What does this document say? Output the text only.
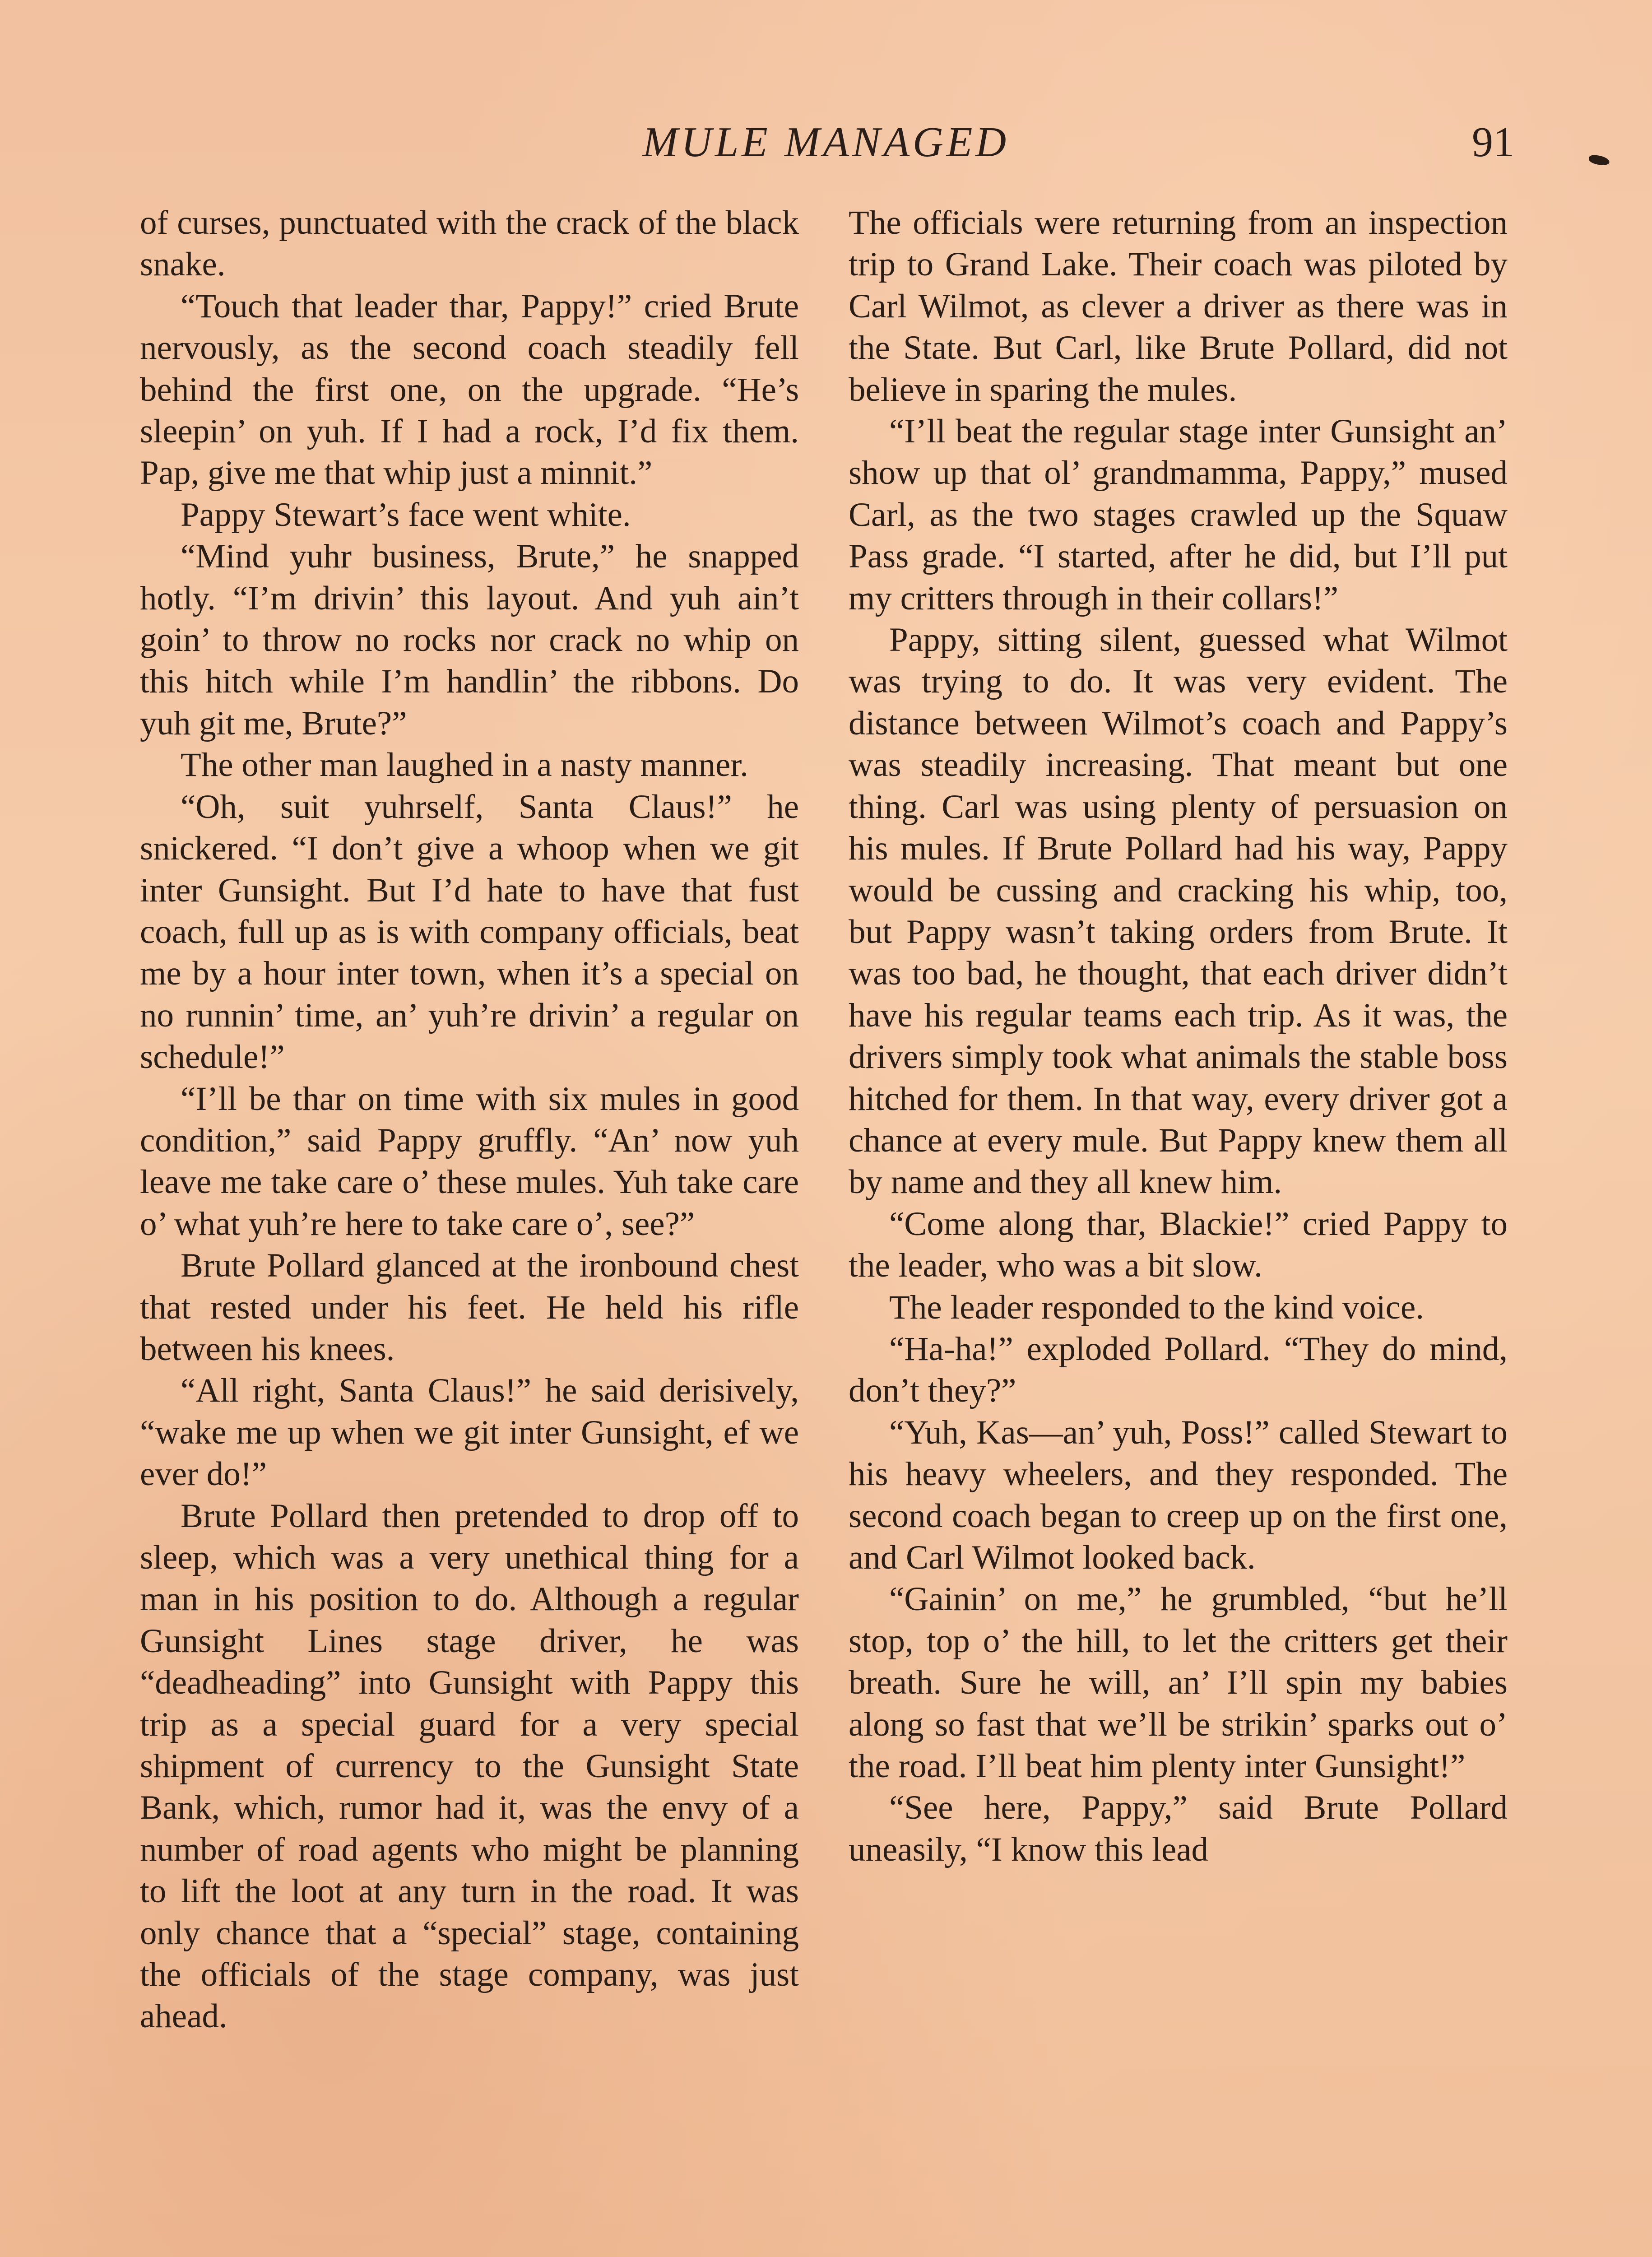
MULE MANAGED	91

of curses, punctuated with the crack of the black snake.

“Touch that leader thar, Pappy!” cried Brute nervously, as the second coach steadily fell behind the first one, on the upgrade. “He’s sleepin’ on yuh. If I had a rock, I’d fix them. Pap, give me that whip just a minnit.”

Pappy Stewart’s face went white.

“Mind yuhr business, Brute,” he snapped hotly. “I’m drivin’ this layout. And yuh ain’t goin’ to throw no rocks nor crack no whip on this hitch while I’m handlin’ the ribbons. Do yuh git me, Brute?”

The other man laughed in a nasty manner.

“Oh, suit yuhrself, Santa Claus!” he snickered. “I don’t give a whoop when we git inter Gunsight. But I’d hate to have that fust coach, full up as is with company officials, beat me by a hour inter town, when it’s a special on no runnin’ time, an’ yuh’re drivin’ a regular on schedule!”

“I’ll be thar on time with six mules in good condition,” said Pappy gruffly. “An’ now yuh leave me take care o’ these mules. Yuh take care o’ what yuh’re here to take care o’, see?”

Brute Pollard glanced at the ironbound chest that rested under his feet. He held his rifle between his knees.

“All right, Santa Claus!” he said derisively, “wake me up when we git inter Gunsight, ef we ever do!”

Brute Pollard then pretended to drop off to sleep, which was a very unethical thing for a man in his position to do. Although a regular Gunsight Lines stage driver, he was “deadheading” into Gunsight with Pappy this trip as a special guard for a very special shipment of currency to the Gunsight State Bank, which, rumor had it, was the envy of a number of road agents who might be planning to lift the loot at any turn in the road. It was only chance that a “special” stage, containing the officials of the stage company, was just ahead.

The officials were returning from an inspection trip to Grand Lake. Their coach was piloted by Carl Wilmot, as clever a driver as there was in the State. But Carl, like Brute Pollard, did not believe in sparing the mules.

“I’ll beat the regular stage inter Gunsight an’ show up that ol’ grandmamma, Pappy,” mused Carl, as the two stages crawled up the Squaw Pass grade. “I started, after he did, but I’ll put my critters through in their collars!”

Pappy, sitting silent, guessed what Wilmot was trying to do. It was very evident. The distance between Wilmot’s coach and Pappy’s was steadily increasing. That meant but one thing. Carl was using plenty of persuasion on his mules. If Brute Pollard had his way, Pappy would be cussing and cracking his whip, too, but Pappy wasn’t taking orders from Brute. It was too bad, he thought, that each driver didn’t have his regular teams each trip. As it was, the drivers simply took what animals the stable boss hitched for them. In that way, every driver got a chance at every mule. But Pappy knew them all by name and they all knew him.

“Come along thar, Blackie!” cried Pappy to the leader, who was a bit slow.

The leader responded to the kind voice.

“Ha-ha!” exploded Pollard. “They do mind, don’t they?”

“Yuh, Kas—an’ yuh, Poss!” called Stewart to his heavy wheelers, and they responded. The second coach began to creep up on the first one, and Carl Wilmot looked back.

“Gainin’ on me,” he grumbled, “but he’ll stop, top o’ the hill, to let the critters get their breath. Sure he will, an’ I’ll spin my babies along so fast that we’ll be strikin’ sparks out o’ the road. I’ll beat him plenty inter Gunsight!”

“See here, Pappy,” said Brute Pollard uneasily, “I know this lead
